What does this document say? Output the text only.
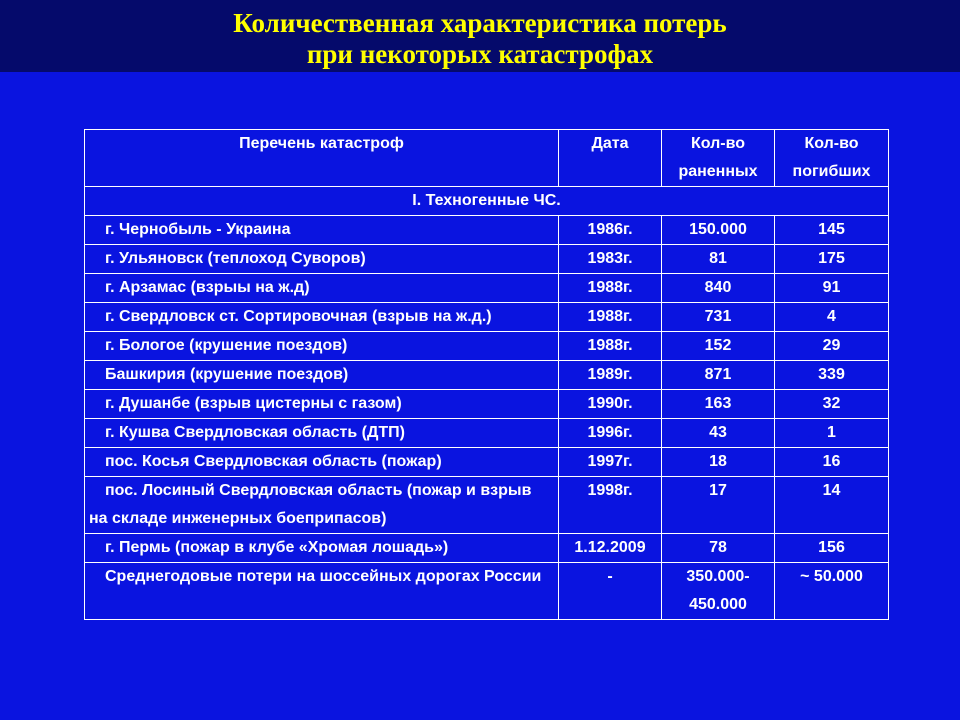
Количественная характеристика потерь
при некоторых катастрофах
Перечень катастроф	Дата	Кол-во раненных	Кол-во погибших
I. Техногенные ЧС.			
г. Чернобыль - Украина	1986г.	150.000	145
г. Ульяновск (теплоход Суворов)	1983г.	81	175
г. Арзамас (взрыы на ж.д)	1988г.	840	91
г. Свердловск ст. Сортировочная (взрыв на ж.д.)	1988г.	731	4
г. Бологое (крушение поездов)	1988г.	152	29
Башкирия (крушение поездов)	1989г.	871	339
г. Душанбе (взрыв цистерны с газом)	1990г.	163	32
г. Кушва Свердловская область (ДТП)	1996г.	43	1
пос. Косья Свердловская область (пожар)	1997г.	18	16
пос. Лосиный Свердловская область (пожар и взрыв на складе инженерных боеприпасов)	1998г.	17	14
г. Пермь (пожар в клубе «Хромая лошадь»)	1.12.2009	78	156
Среднегодовые потери на шоссейных дорогах России	-	350.000-450.000	~ 50.000
